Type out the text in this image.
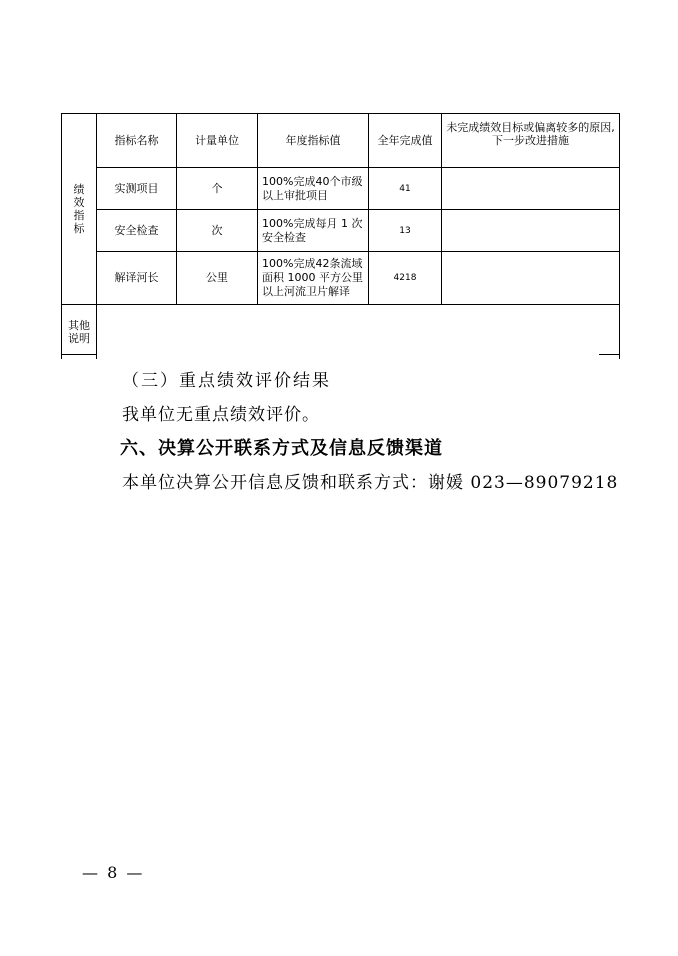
绩
效
指
标	指标名称	计量单位	年度指标值	全年完成值	未完成绩效目标或偏离较多的原因,下一步改进措施
	实测项目	个	100%完成40个市级以上审批项目	41	
	安全检查	次	100%完成每月 1 次安全检查	13	
	解译河长	公里	100%完成42条流域面积 1000 平方公里以上河流卫片解译	4218	
其他
说明					
（三）重点绩效评价结果
我单位无重点绩效评价。
六、决算公开联系方式及信息反馈渠道
本单位决算公开信息反馈和联系方式：谢媛 023—89079218
— 8 —
